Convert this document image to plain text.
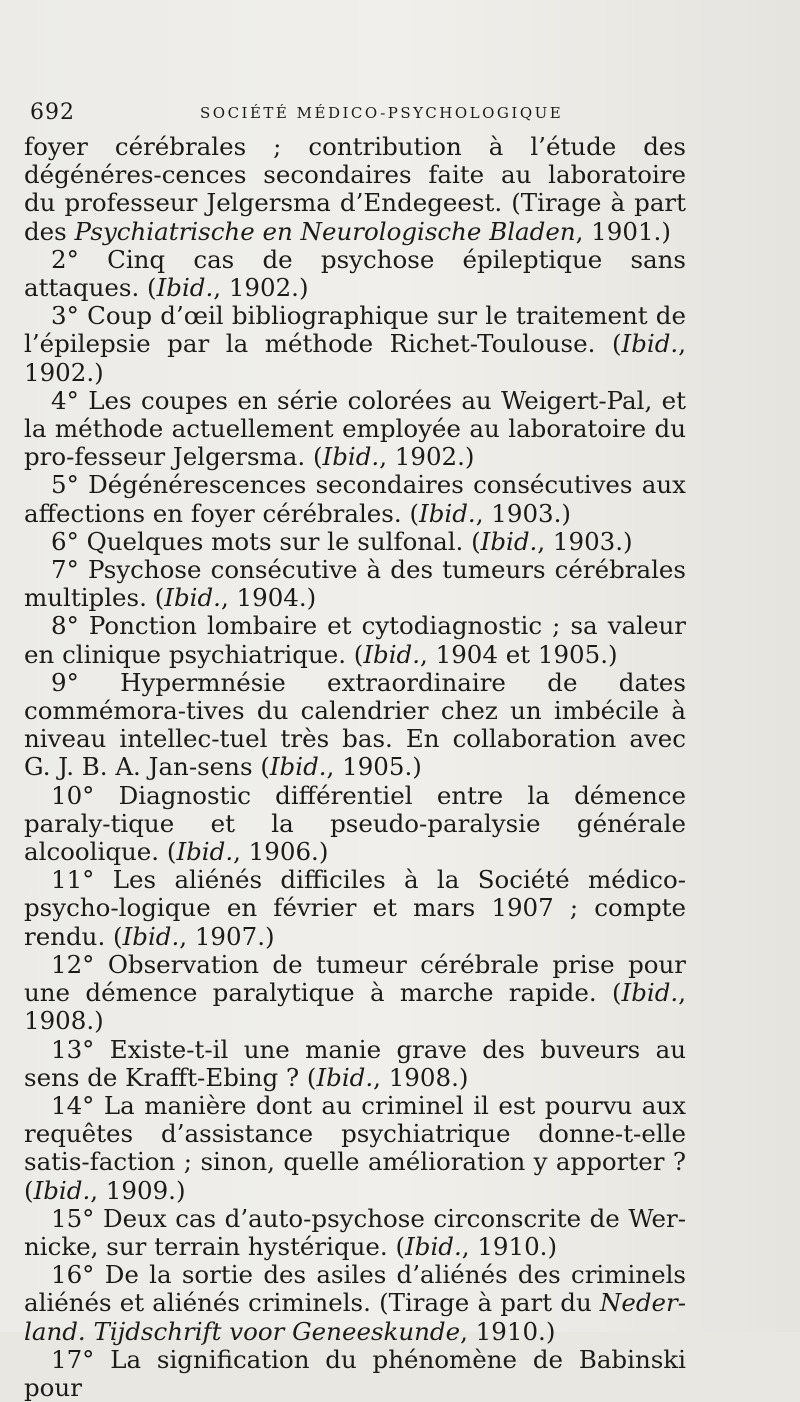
692	SOCIÉTÉ MÉDICO-PSYCHOLOGIQUE

foyer cérébrales ; contribution à l’étude des dégénéres-cences secondaires faite au laboratoire du professeur Jelgersma d’Endegeest. (Tirage à part des Psychiatrische en Neurologische Bladen, 1901.)

2° Cinq cas de psychose épileptique sans attaques. (Ibid., 1902.)

3° Coup d’œil bibliographique sur le traitement de l’épilepsie par la méthode Richet-Toulouse. (Ibid., 1902.)

4° Les coupes en série colorées au Weigert-Pal, et la méthode actuellement employée au laboratoire du pro-fesseur Jelgersma. (Ibid., 1902.)

5° Dégénérescences secondaires consécutives aux affections en foyer cérébrales. (Ibid., 1903.)

6° Quelques mots sur le sulfonal. (Ibid., 1903.)

7° Psychose consécutive à des tumeurs cérébrales multiples. (Ibid., 1904.)

8° Ponction lombaire et cytodiagnostic ; sa valeur en clinique psychiatrique. (Ibid., 1904 et 1905.)

9° Hypermnésie extraordinaire de dates commémora-tives du calendrier chez un imbécile à niveau intellec-tuel très bas. En collaboration avec G. J. B. A. Jan-sens (Ibid., 1905.)

10° Diagnostic différentiel entre la démence paraly-tique et la pseudo-paralysie générale alcoolique. (Ibid., 1906.)

11° Les aliénés difficiles à la Société médico-psycho-logique en février et mars 1907 ; compte rendu. (Ibid., 1907.)

12° Observation de tumeur cérébrale prise pour une démence paralytique à marche rapide. (Ibid., 1908.)

13° Existe-t-il une manie grave des buveurs au sens de Krafft-Ebing ? (Ibid., 1908.)

14° La manière dont au criminel il est pourvu aux requêtes d’assistance psychiatrique donne-t-elle satis-faction ; sinon, quelle amélioration y apporter ? (Ibid., 1909.)

15° Deux cas d’auto-psychose circonscrite de Wer-nicke, sur terrain hystérique. (Ibid., 1910.)

16° De la sortie des asiles d’aliénés des criminels aliénés et aliénés criminels. (Tirage à part du Neder-land. Tijdschrift voor Geneeskunde, 1910.)

17° La signification du phénomène de Babinski pour
